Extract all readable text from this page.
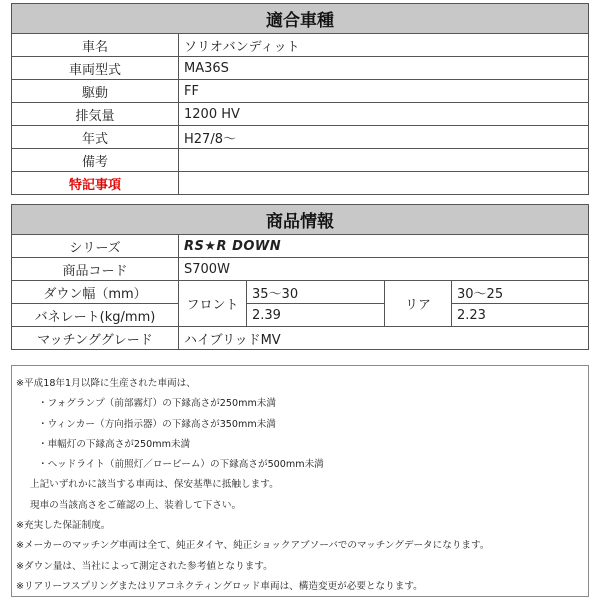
適合車種	
車名	ソリオバンディット
車両型式	MA36S
駆動	FF
排気量	1200 HV
年式	H27/8～
備考	
特記事項	
商品情報				
シリーズ	RS★R DOWN			
商品コード	S700W			
ダウン幅（mm）	フロント	35～30	リア	30～25
バネレート(kg/mm)		2.39		2.23
マッチンググレード	ハイブリッドMV			
※平成18年1月以降に生産された車両は、
・フォグランプ（前部霧灯）の下縁高さが250mm未満
・ウィンカー（方向指示器）の下縁高さが350mm未満
・車幅灯の下縁高さが250mm未満
・ヘッドライト（前照灯／ロービーム）の下縁高さが500mm未満
上記いずれかに該当する車両は、保安基準に抵触します。
現車の当該高さをご確認の上、装着して下さい。
※充実した保証制度。
※メーカーのマッチング車両は全て、純正タイヤ、純正ショックアブソーバでのマッチングデータになります。
※ダウン量は、当社によって測定された参考値となります。
※リアリーフスプリングまたはリアコネクティングロッド車両は、構造変更が必要となります。
